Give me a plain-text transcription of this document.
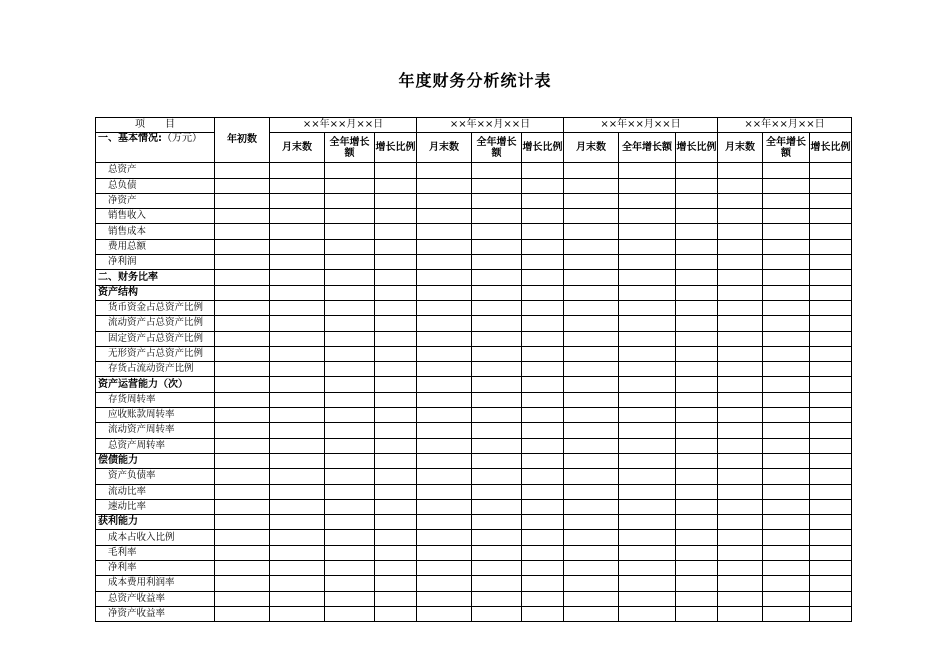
年度财务分析统计表
项　　目	年初数	××年××月××日			××年××月××日			××年××月××日			××年××月××日		
一、基本情况:（万元）		月末数	全年增长额	增长比例	月末数	全年增长额	增长比例	月末数	全年增长额	增长比例	月末数	全年增长额	增长比例
总资产													
总负债													
净资产													
销售收入													
销售成本													
费用总额													
净利润													
二、财务比率													
资产结构													
货币资金占总资产比例													
流动资产占总资产比例													
固定资产占总资产比例													
无形资产占总资产比例													
存货占流动资产比例													
资产运营能力（次）													
存货周转率													
应收账款周转率													
流动资产周转率													
总资产周转率													
偿债能力													
资产负债率													
流动比率													
速动比率													
获利能力													
成本占收入比例													
毛利率													
净利率													
成本费用利润率													
总资产收益率													
净资产收益率													
